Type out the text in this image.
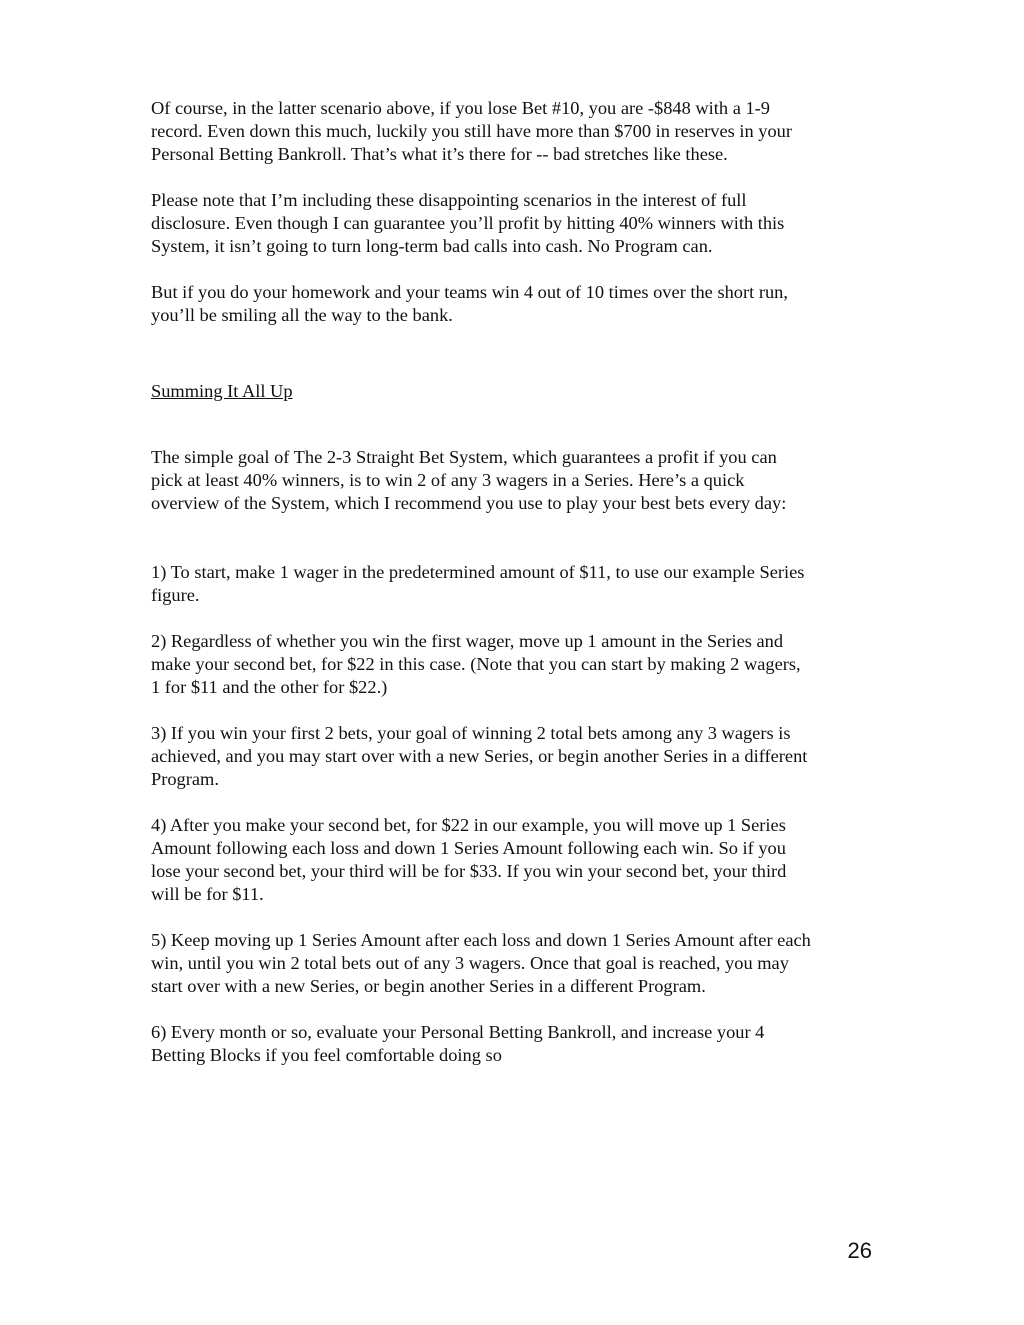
Of course, in the latter scenario above, if you lose Bet #10, you are -$848 with a 1-9
record. Even down this much, luckily you still have more than $700 in reserves in your
Personal Betting Bankroll. That’s what it’s there for -- bad stretches like these.

Please note that I’m including these disappointing scenarios in the interest of full
disclosure. Even though I can guarantee you’ll profit by hitting 40% winners with this
System, it isn’t going to turn long-term bad calls into cash. No Program can.

But if you do your homework and your teams win 4 out of 10 times over the short run,
you’ll be smiling all the way to the bank.

Summing It All Up

The simple goal of The 2-3 Straight Bet System, which guarantees a profit if you can
pick at least 40% winners, is to win 2 of any 3 wagers in a Series. Here’s a quick
overview of the System, which I recommend you use to play your best bets every day:

1) To start, make 1 wager in the predetermined amount of $11, to use our example Series
figure.

2) Regardless of whether you win the first wager, move up 1 amount in the Series and
make your second bet, for $22 in this case. (Note that you can start by making 2 wagers,
1 for $11 and the other for $22.)

3) If you win your first 2 bets, your goal of winning 2 total bets among any 3 wagers is
achieved, and you may start over with a new Series, or begin another Series in a different
Program.

4) After you make your second bet, for $22 in our example, you will move up 1 Series
Amount following each loss and down 1 Series Amount following each win. So if you
lose your second bet, your third will be for $33. If you win your second bet, your third
will be for $11.

5) Keep moving up 1 Series Amount after each loss and down 1 Series Amount after each
win, until you win 2 total bets out of any 3 wagers. Once that goal is reached, you may
start over with a new Series, or begin another Series in a different Program.

6) Every month or so, evaluate your Personal Betting Bankroll, and increase your 4
Betting Blocks if you feel comfortable doing so

26
